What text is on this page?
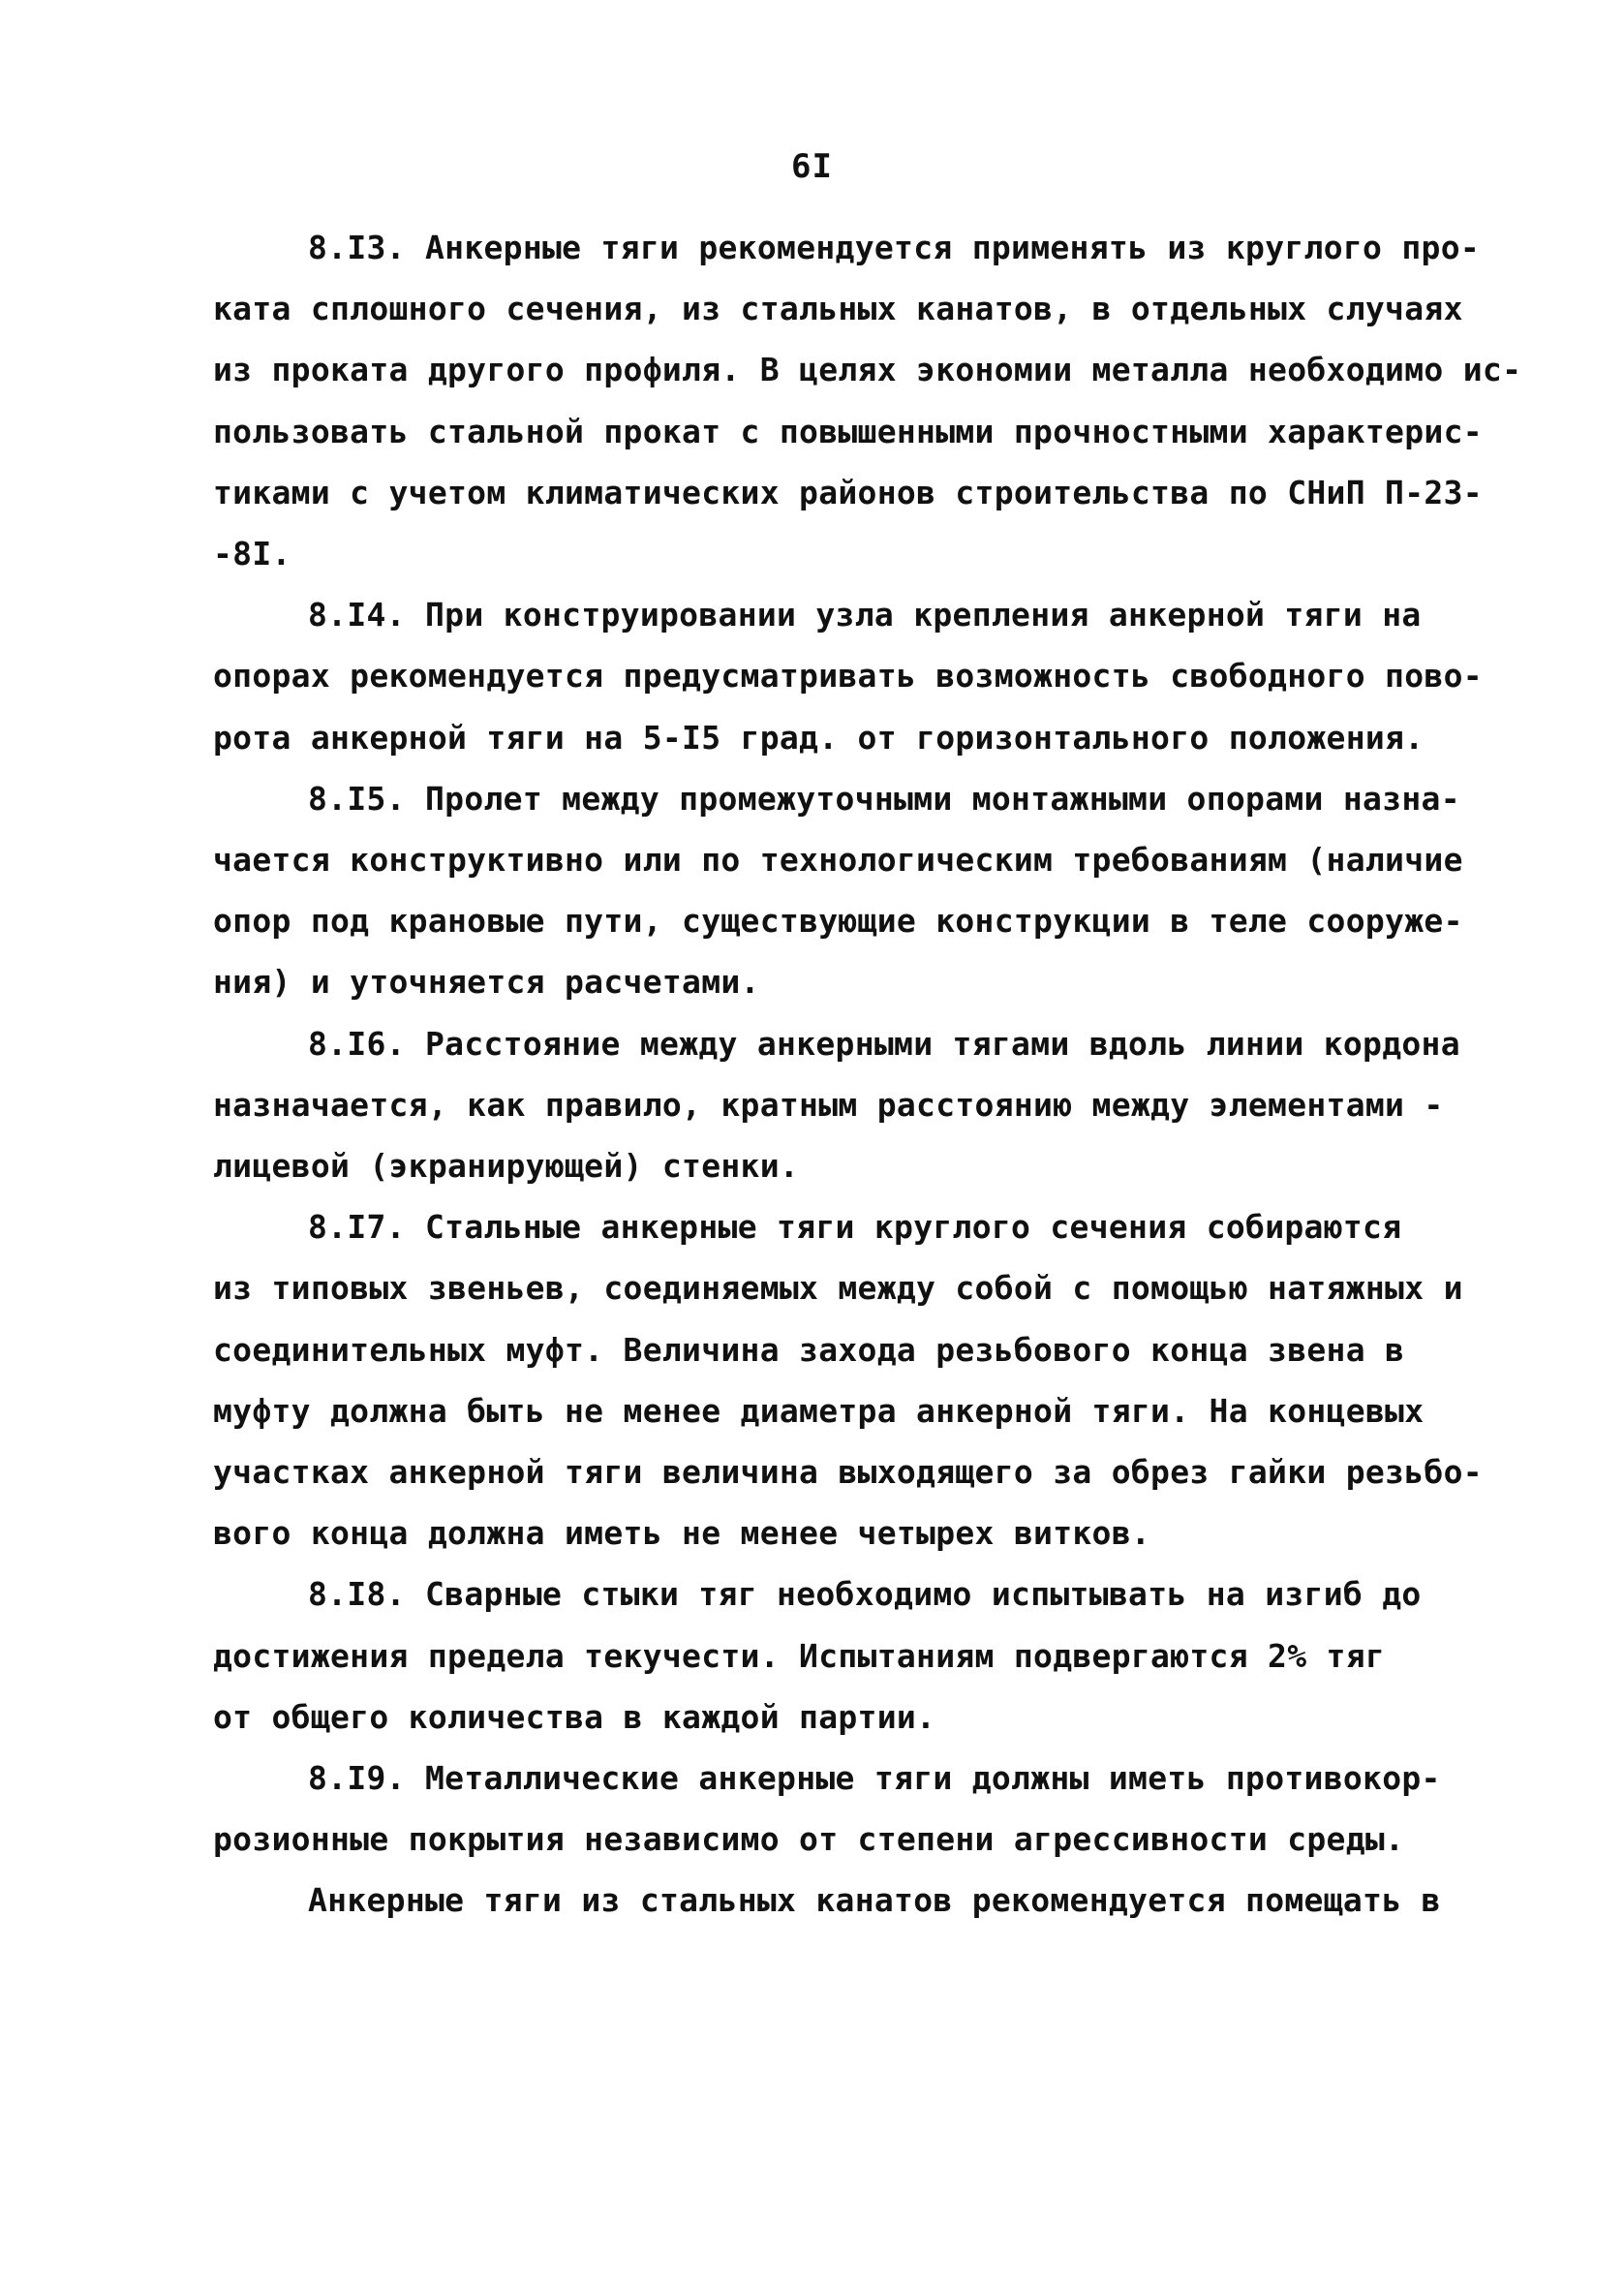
6I
8.I3. Анкерные тяги рекомендуется применять из круглого про-
ката сплошного сечения, из стальных канатов, в отдельных случаях
из проката другого профиля. В целях экономии металла необходимо ис-
пользовать стальной прокат с повышенными прочностными характерис-
тиками с учетом климатических районов строительства по СНиП П-23-
-8I.
8.I4. При конструировании узла крепления анкерной тяги на
опорах рекомендуется предусматривать возможность свободного пово-
рота анкерной тяги на 5-I5 град. от горизонтального положения.
8.I5. Пролет между промежуточными монтажными опорами назна-
чается конструктивно или по технологическим требованиям (наличие
опор под крановые пути, существующие конструкции в теле сооруже-
ния) и уточняется расчетами.
8.I6. Расстояние между анкерными тягами вдоль линии кордона
назначается, как правило, кратным расстоянию между элементами -
лицевой (экранирующей) стенки.
8.I7. Стальные анкерные тяги круглого сечения собираются
из типовых звеньев, соединяемых между собой с помощью натяжных и
соединительных муфт. Величина захода резьбового конца звена в
муфту должна быть не менее диаметра анкерной тяги. На концевых
участках анкерной тяги величина выходящего за обрез гайки резьбо-
вого конца должна иметь не менее четырех витков.
8.I8. Сварные стыки тяг необходимо испытывать на изгиб до
достижения предела текучести. Испытаниям подвергаются 2% тяг
от общего количества в каждой партии.
8.I9. Металлические анкерные тяги должны иметь противокор-
розионные покрытия независимо от степени агрессивности среды.
Анкерные тяги из стальных канатов рекомендуется помещать в
